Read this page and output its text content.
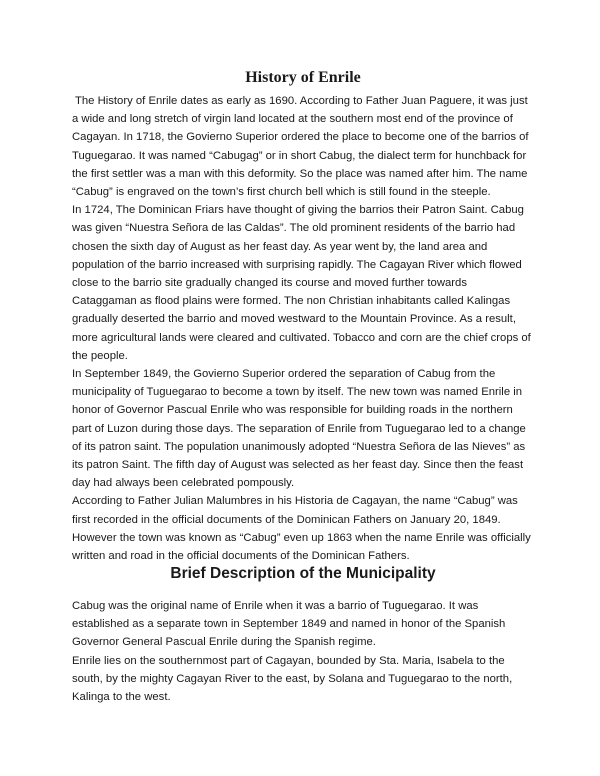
History of Enrile

The History of Enrile dates as early as 1690. According to Father Juan Paguere, it was just a wide and long stretch of virgin land located at the southern most end of the province of Cagayan. In 1718, the Govierno Superior ordered the place to become one of the barrios of Tuguegarao. It was named “Cabugag” or in short Cabug, the dialect term for hunchback for the first settler was a man with this deformity. So the place was named after him. The name “Cabug” is engraved on the town’s first church bell which is still found in the steeple.

In 1724, The Dominican Friars have thought of giving the barrios their Patron Saint. Cabug was given “Nuestra Señora de las Caldas”. The old prominent residents of the barrio had chosen the sixth day of August as her feast day. As year went by, the land area and population of the barrio increased with surprising rapidly. The Cagayan River which flowed close to the barrio site gradually changed its course and moved further towards Cataggaman as flood plains were formed. The non Christian inhabitants called Kalingas gradually deserted the barrio and moved westward to the Mountain Province. As a result, more agricultural lands were cleared and cultivated. Tobacco and corn are the chief crops of the people.

In September 1849, the Govierno Superior ordered the separation of Cabug from the municipality of Tuguegarao to become a town by itself. The new town was named Enrile in honor of Governor Pascual Enrile who was responsible for building roads in the northern part of Luzon during those days. The separation of Enrile from Tuguegarao led to a change of its patron saint. The population unanimously adopted “Nuestra Señora de las Nieves” as its patron Saint. The fifth day of August was selected as her feast day. Since then the feast day had always been celebrated pompously.

According to Father Julian Malumbres in his Historia de Cagayan, the name “Cabug” was first recorded in the official documents of the Dominican Fathers on January 20, 1849. However the town was known as “Cabug” even up 1863 when the name Enrile was officially written and road in the official documents of the Dominican Fathers.

Brief Description of the Municipality

Cabug was the original name of Enrile when it was a barrio of Tuguegarao. It was established as a separate town in September 1849 and named in honor of the Spanish Governor General Pascual Enrile during the Spanish regime.

Enrile lies on the southernmost part of Cagayan, bounded by Sta. Maria, Isabela to the south, by the mighty Cagayan River to the east, by Solana and Tuguegarao to the north, Kalinga to the west.
